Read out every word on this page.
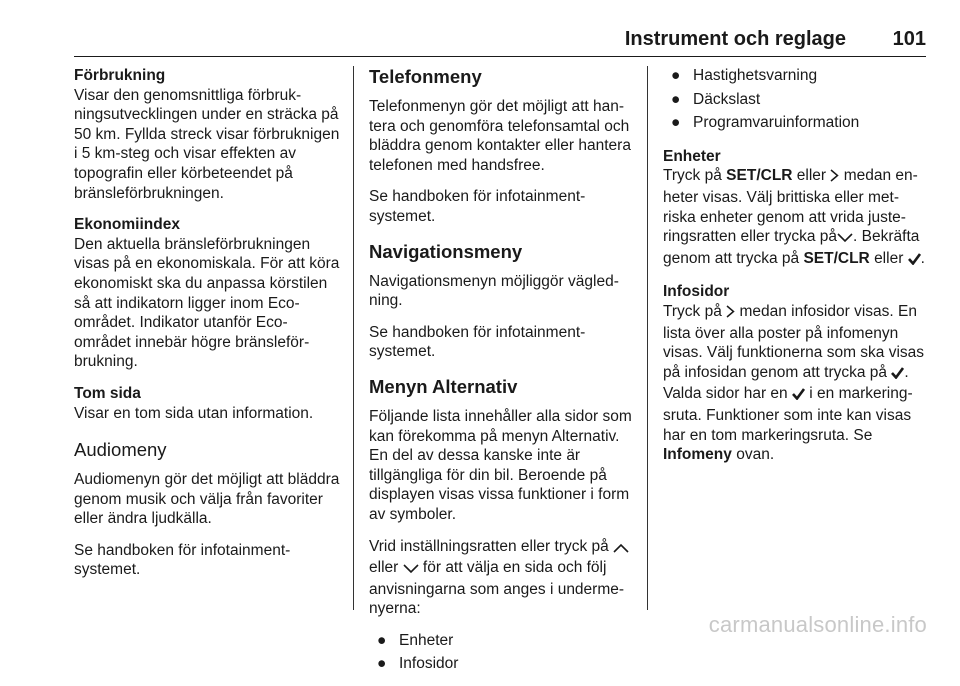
Instrument och reglage 101

Förbrukning
Visar den genomsnittliga förbrukningsutvecklingen under en sträcka på 50 km. Fyllda streck visar förbruknigen i 5 km-steg och visar effekten av topografin eller körbeteendet på bränsleförbrukningen.

Ekonomiindex
Den aktuella bränsleförbrukningen visas på en ekonomiskala. För att köra ekonomiskt ska du anpassa körstilen så att indikatorn ligger inom Eco-området. Indikator utanför Eco-området innebär högre bränsleförbrukning.

Tom sida
Visar en tom sida utan information.

Audiomeny

Audiomenyn gör det möjligt att bläddra genom musik och välja från favoriter eller ändra ljudkälla.

Se handboken för infotainmentsystemet.

Telefonmeny

Telefonmenyn gör det möjligt att hantera och genomföra telefonsamtal och bläddra genom kontakter eller hantera telefonen med handsfree.

Se handboken för infotainmentsystemet.

Navigationsmeny

Navigationsmenyn möjliggör vägledning.

Se handboken för infotainmentsystemet.

Menyn Alternativ

Följande lista innehåller alla sidor som kan förekomma på menyn Alternativ. En del av dessa kanske inte är tillgängliga för din bil. Beroende på displayen visas vissa funktioner i form av symboler.

Vrid inställningsratten eller tryck på  eller för att välja en sida och följ anvisningarna som anges i undermenyerna:

● Enheter
● Infosidor
● Hastighetsvarning
● Däckslast
● Programvaruinformation

Enheter
Tryck på SET/CLR eller medan enheter visas. Välj brittiska eller metriska enheter genom att vrida justeringsratten eller trycka på . Bekräfta genom att trycka på SET/CLR eller .

Infosidor
Tryck på medan infosidor visas. En lista över alla poster på infomenyn visas. Välj funktionerna som ska visas på infosidan genom att trycka på . Valda sidor har en i en markeringsruta. Funktioner som inte kan visas har en tom markeringsruta. Se Infomeny ovan.

carmanualsonline.info
